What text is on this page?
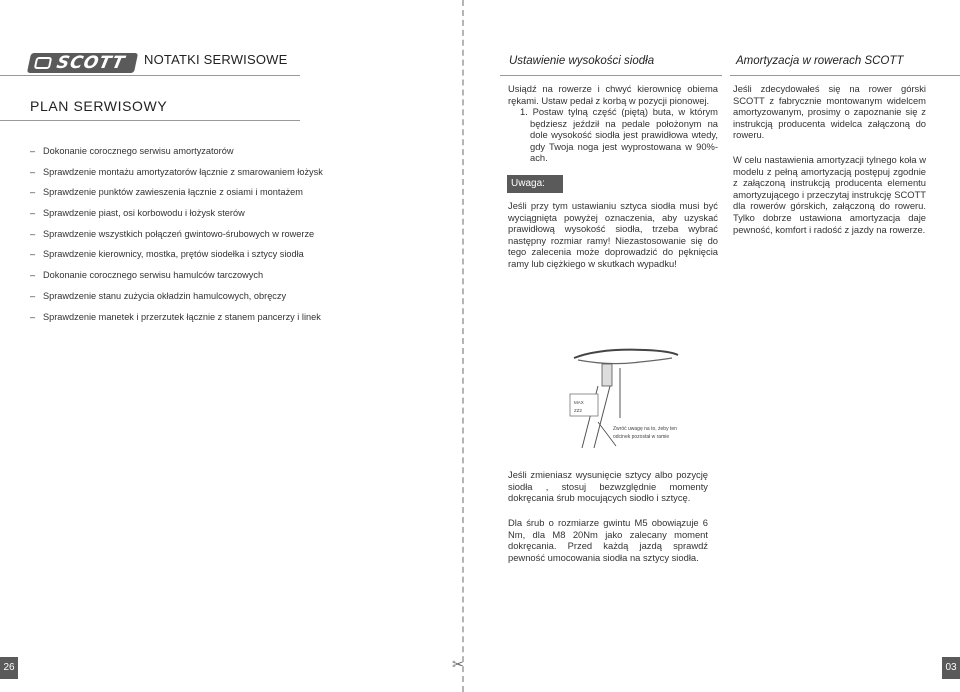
SCOTT NOTATKI SERWISOWE
PLAN SERWISOWY
– Dokonanie corocznego serwisu amortyzatorów
– Sprawdzenie montażu amortyzatorów łącznie z smarowaniem łożysk
– Sprawdzenie punktów zawieszenia łącznie z osiami i montażem
– Sprawdzenie piast, osi korbowodu i łożysk sterów
– Sprawdzenie wszystkich połączeń gwintowo-śrubowych w rowerze
– Sprawdzenie kierownicy, mostka, prętów siodełka i sztycy siodła
– Dokonanie corocznego serwisu hamulców tarczowych
– Sprawdzenie stanu zużycia okładzin hamulcowych, obręczy
– Sprawdzenie manetek i przerzutek łącznie z stanem pancerzy i linek
26	✂
Ustawienie wysokości siodła	Amortyzacja w rowerach SCOTT
Usiądź na rowerze i chwyć kierownicę obiema rękami. Ustaw pedał z korbą w pozycji pionowej.
1. Postaw tylną część (piętą) buta, w którym będziesz jeździł na pedale położonym na dole wysokość siodła jest prawidłowa wtedy, gdy Twoja noga jest wyprostowana w 90%-ach.
Uwaga:
Jeśli przy tym ustawianiu sztyca siodła musi być wyciągnięta powyżej oznaczenia, aby uzyskać prawidłową wysokość siodła, trzeba wybrać następny rozmiar ramy! Niezastosowanie się do tego zalecenia może doprowadzić do pęknięcia ramy lub ciężkiego w skutkach wypadku!
MAX
ZZ2
Zwróć uwagę na to, żeby ten odcinek pozostał w ramie
Jeśli zmieniasz wysunięcie sztycy albo pozycję siodła , stosuj bezwzględnie momenty dokręcania śrub mocujących siodło i sztycę.
Dla śrub o rozmiarze gwintu M5 obowiązuje 6 Nm, dla M8 20Nm jako zalecany moment dokręcania. Przed każdą jazdą sprawdź pewność umocowania siodła na sztycy siodła.
Jeśli zdecydowałeś się na rower górski SCOTT z fabrycznie montowanym widelcem amortyzowanym, prosimy o zapoznanie się z instrukcją producenta widelca załączoną do roweru.
W celu nastawienia amortyzacji tylnego koła w modelu z pełną amortyzacją postępuj zgodnie z załączoną instrukcją producenta elementu amortyzującego i przeczytaj instrukcję SCOTT dla rowerów górskich, załączoną do roweru. Tylko dobrze ustawiona amortyzacja daje pewność, komfort i radość z jazdy na rowerze.
03
